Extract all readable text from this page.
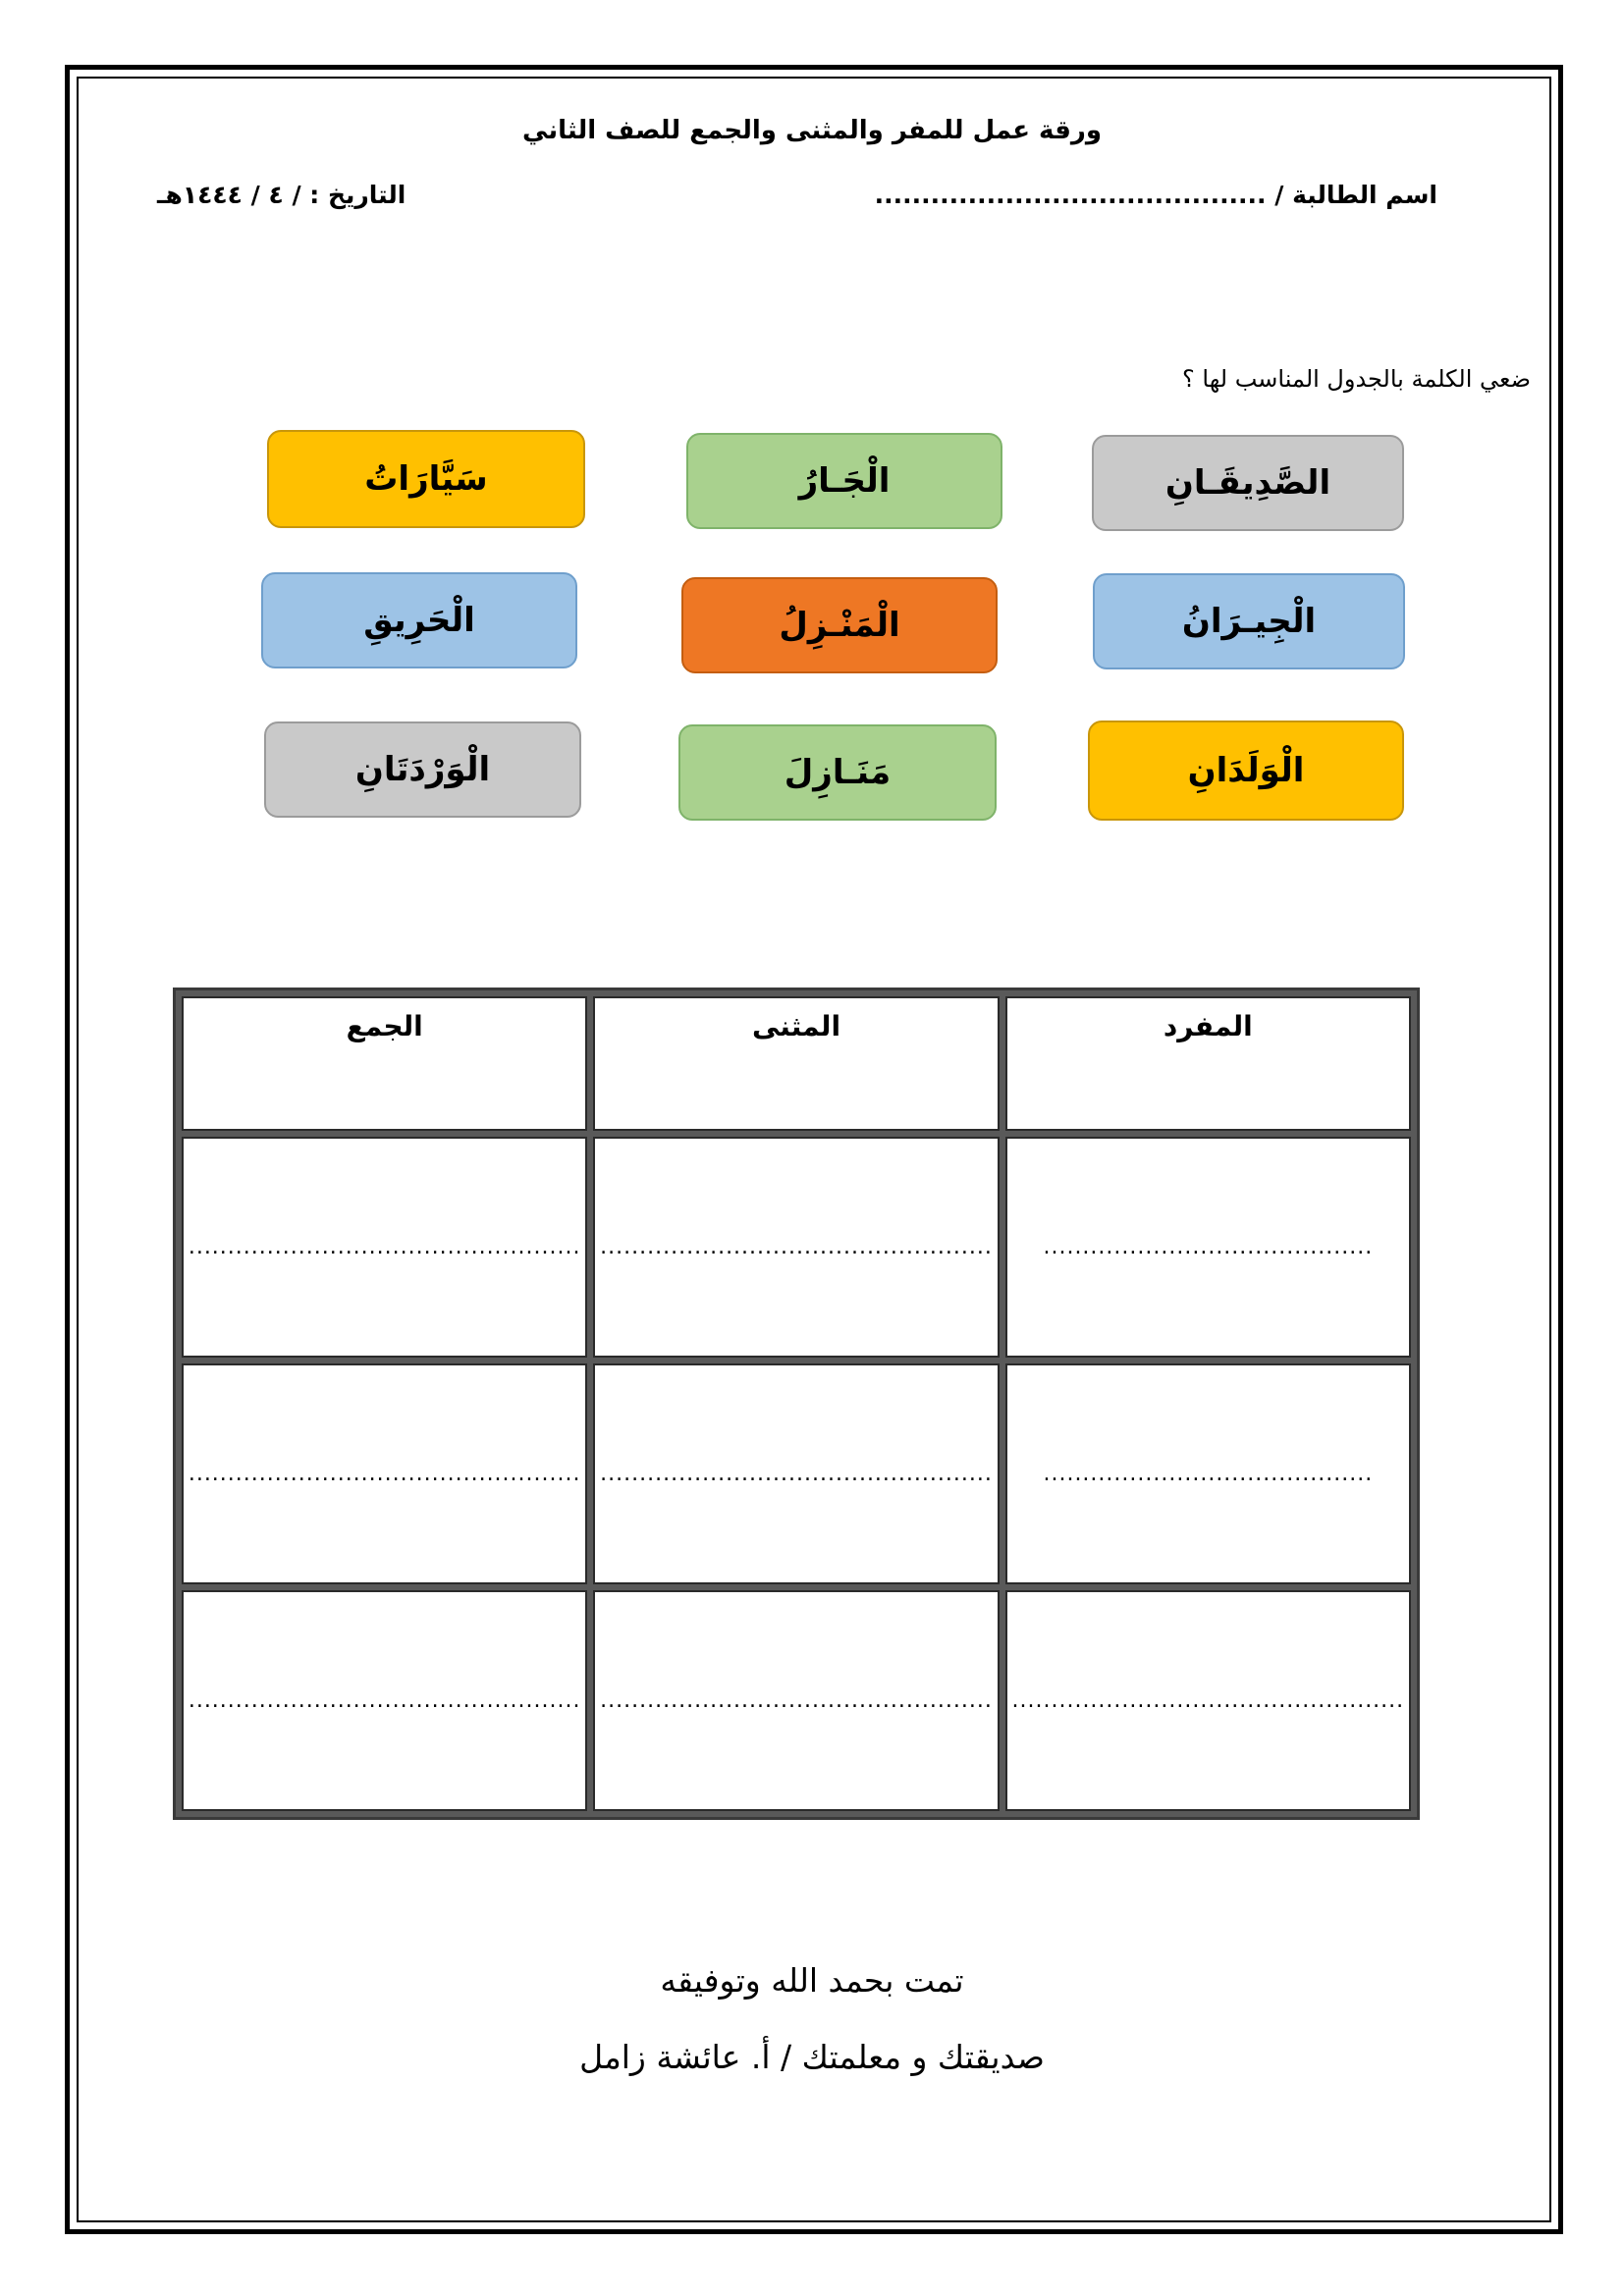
ورقة عمل للمفر والمثنى والجمع للصف الثاني
اسم الطالبة / ..........................................
التاريخ : / ٤ / ١٤٤٤هـ
ضعي الكلمة بالجدول المناسب لها ؟
الصَّدِيقَـانِ
الْجَـارُ
سَيَّارَاتُ
الْجِيـرَانُ
الْمَنْـزِلُ
الْحَرِيقِ
الْوَلَدَانِ
مَنَـازِلَ
الْوَرْدَتَانِ
المفرد	المثنى	الجمع
..........................................	..................................................	..................................................
..........................................	..................................................	..................................................
..................................................	..................................................	..................................................
تمت بحمد الله وتوفيقه
صديقتك و معلمتك / أ. عائشة زامل
